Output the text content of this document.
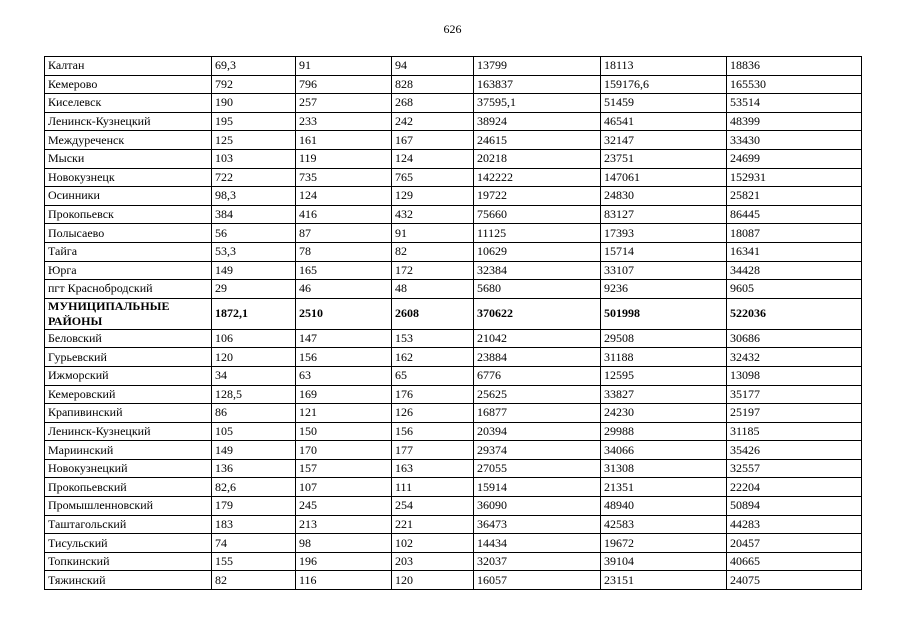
626
Калтан	69,3	91	94	13799	18113	18836
Кемерово	792	796	828	163837	159176,6	165530
Киселевск	190	257	268	37595,1	51459	53514
Ленинск-Кузнецкий	195	233	242	38924	46541	48399
Междуреченск	125	161	167	24615	32147	33430
Мыски	103	119	124	20218	23751	24699
Новокузнецк	722	735	765	142222	147061	152931
Осинники	98,3	124	129	19722	24830	25821
Прокопьевск	384	416	432	75660	83127	86445
Полысаево	56	87	91	11125	17393	18087
Тайга	53,3	78	82	10629	15714	16341
Юрга	149	165	172	32384	33107	34428
пгт Краснобродский	29	46	48	5680	9236	9605
МУНИЦИПАЛЬНЫЕ РАЙОНЫ	1872,1	2510	2608	370622	501998	522036
Беловский	106	147	153	21042	29508	30686
Гурьевский	120	156	162	23884	31188	32432
Ижморский	34	63	65	6776	12595	13098
Кемеровский	128,5	169	176	25625	33827	35177
Крапивинский	86	121	126	16877	24230	25197
Ленинск-Кузнецкий	105	150	156	20394	29988	31185
Мариинский	149	170	177	29374	34066	35426
Новокузнецкий	136	157	163	27055	31308	32557
Прокопьевский	82,6	107	111	15914	21351	22204
Промышленновский	179	245	254	36090	48940	50894
Таштагольский	183	213	221	36473	42583	44283
Тисульский	74	98	102	14434	19672	20457
Топкинский	155	196	203	32037	39104	40665
Тяжинский	82	116	120	16057	23151	24075
